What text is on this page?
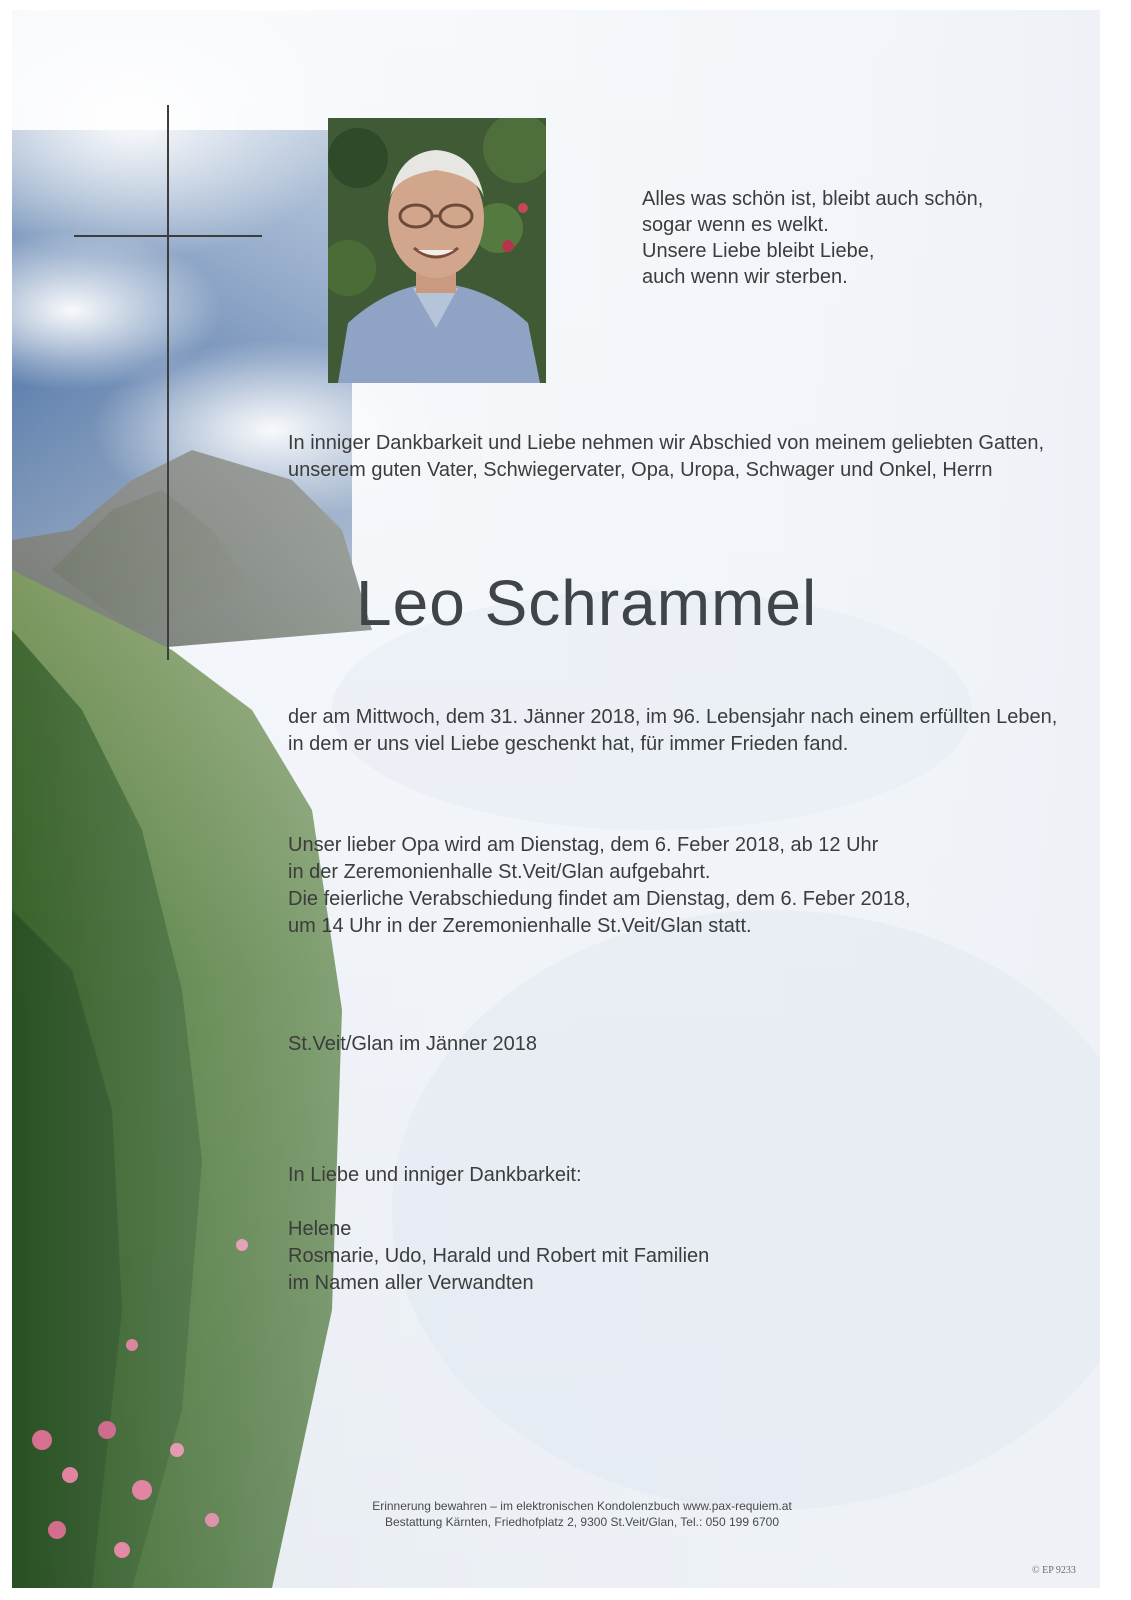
Alles was schön ist, bleibt auch schön,
sogar wenn es welkt.
Unsere Liebe bleibt Liebe,
auch wenn wir sterben.
In inniger Dankbarkeit und Liebe nehmen wir Abschied von meinem geliebten Gatten, unserem guten Vater, Schwiegervater, Opa, Uropa, Schwager und Onkel, Herrn
Leo Schrammel
der am Mittwoch, dem 31. Jänner 2018, im 96. Lebensjahr nach einem erfüllten Leben, in dem er uns viel Liebe geschenkt hat, für immer Frieden fand.
Unser lieber Opa wird am Dienstag, dem 6. Feber 2018, ab 12 Uhr
in der Zeremonienhalle St.Veit/Glan aufgebahrt.
Die feierliche Verabschiedung findet am Dienstag, dem 6. Feber 2018,
um 14 Uhr in der Zeremonienhalle St.Veit/Glan statt.
St.Veit/Glan im Jänner 2018
In Liebe und inniger Dankbarkeit:
Helene
Rosmarie, Udo, Harald und Robert mit Familien
im Namen aller Verwandten
Erinnerung bewahren – im elektronischen Kondolenzbuch www.pax-requiem.at
Bestattung Kärnten, Friedhofplatz 2, 9300 St.Veit/Glan, Tel.: 050 199 6700
© EP 9233
